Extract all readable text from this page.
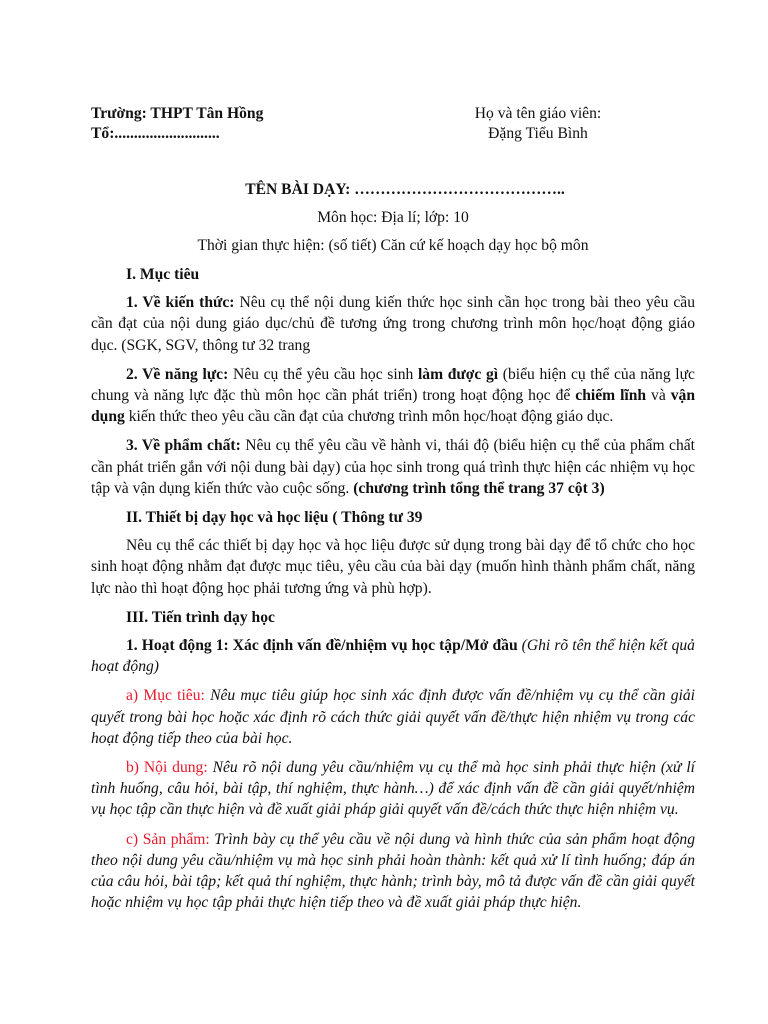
Trường: THPT Tân Hồng
Tổ:...........................
Họ và tên giáo viên:
Đặng Tiểu Bình
TÊN BÀI DẠY: …………………………………..
Môn học: Địa lí; lớp: 10
Thời gian thực hiện: (số tiết) Căn cứ kế hoạch dạy học bộ môn

I. Mục tiêu

1. Về kiến thức: Nêu cụ thể nội dung kiến thức học sinh cần học trong bài theo yêu cầu cần đạt của nội dung giáo dục/chủ đề tương ứng trong chương trình môn học/hoạt động giáo dục. (SGK, SGV, thông tư 32 trang

2. Về năng lực: Nêu cụ thể yêu cầu học sinh làm được gì (biểu hiện cụ thể của năng lực chung và năng lực đặc thù môn học cần phát triển) trong hoạt động học để chiếm lĩnh và vận dụng kiến thức theo yêu cầu cần đạt của chương trình môn học/hoạt động giáo dục.

3. Về phẩm chất: Nêu cụ thể yêu cầu về hành vi, thái độ (biểu hiện cụ thể của phẩm chất cần phát triển gắn với nội dung bài dạy) của học sinh trong quá trình thực hiện các nhiệm vụ học tập và vận dụng kiến thức vào cuộc sống. (chương trình tổng thể trang 37 cột 3)

II. Thiết bị dạy học và học liệu ( Thông tư 39

Nêu cụ thể các thiết bị dạy học và học liệu được sử dụng trong bài dạy để tổ chức cho học sinh hoạt động nhằm đạt được mục tiêu, yêu cầu của bài dạy (muốn hình thành phẩm chất, năng lực nào thì hoạt động học phải tương ứng và phù hợp).

III. Tiến trình dạy học

1. Hoạt động 1: Xác định vấn đề/nhiệm vụ học tập/Mở đầu (Ghi rõ tên thể hiện kết quả hoạt động)

a) Mục tiêu: Nêu mục tiêu giúp học sinh xác định được vấn đề/nhiệm vụ cụ thể cần giải quyết trong bài học hoặc xác định rõ cách thức giải quyết vấn đề/thực hiện nhiệm vụ trong các hoạt động tiếp theo của bài học.

b) Nội dung: Nêu rõ nội dung yêu cầu/nhiệm vụ cụ thể mà học sinh phải thực hiện (xử lí tình huống, câu hỏi, bài tập, thí nghiệm, thực hành…) để xác định vấn đề cần giải quyết/nhiệm vụ học tập cần thực hiện và đề xuất giải pháp giải quyết vấn đề/cách thức thực hiện nhiệm vụ.

c) Sản phẩm: Trình bày cụ thể yêu cầu về nội dung và hình thức của sản phẩm hoạt động theo nội dung yêu cầu/nhiệm vụ mà học sinh phải hoàn thành: kết quả xử lí tình huống; đáp án của câu hỏi, bài tập; kết quả thí nghiệm, thực hành; trình bày, mô tả được vấn đề cần giải quyết hoặc nhiệm vụ học tập phải thực hiện tiếp theo và đề xuất giải pháp thực hiện.
